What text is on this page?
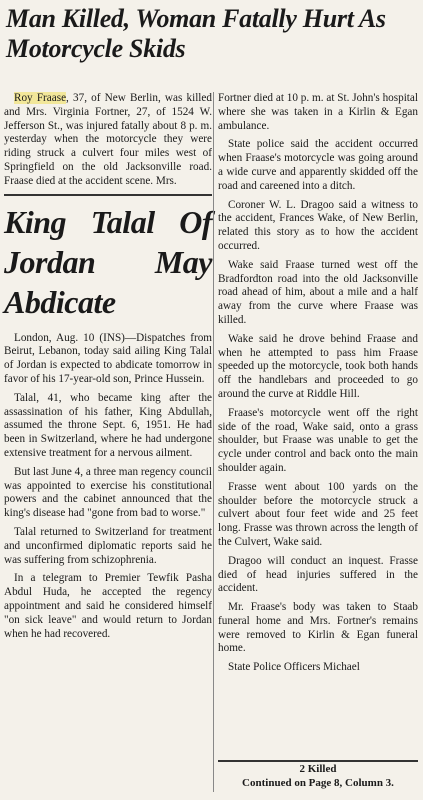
Man Killed, Woman Fatally Hurt As Motorcycle Skids

Roy Fraase, 37, of New Berlin, was killed and Mrs. Virginia Fortner, 27, of 1524 W. Jefferson St., was injured fatally about 8 p. m. yesterday when the motorcycle they were riding struck a culvert four miles west of Springfield on the old Jacksonville road. Fraase died at the accident scene. Mrs.

King Talal Of Jordan May Abdicate

London, Aug. 10 (INS)—Dispatches from Beirut, Lebanon, today said ailing King Talal of Jordan is expected to abdicate tomorrow in favor of his 17-year-old son, Prince Hussein.

Talal, 41, who became king after the assassination of his father, King Abdullah, assumed the throne Sept. 6, 1951. He had been in Switzerland, where he had undergone extensive treatment for a nervous ailment.

But last June 4, a three man regency council was appointed to exercise his constitutional powers and the cabinet announced that the king's disease had "gone from bad to worse."

Talal returned to Switzerland for treatment and unconfirmed diplomatic reports said he was suffering from schizophrenia.

In a telegram to Premier Tewfik Pasha Abdul Huda, he accepted the regency appointment and said he considered himself "on sick leave" and would return to Jordan when he had recovered.

Fortner died at 10 p. m. at St. John's hospital where she was taken in a Kirlin & Egan ambulance.

State police said the accident occurred when Fraase's motorcycle was going around a wide curve and apparently skidded off the road and careened into a ditch.

Coroner W. L. Dragoo said a witness to the accident, Frances Wake, of New Berlin, related this story as to how the accident occurred.

Wake said Fraase turned west off the Bradfordton road into the old Jacksonville road ahead of him, about a mile and a half away from the curve where Fraase was killed.

Wake said he drove behind Fraase and when he attempted to pass him Fraase speeded up the motorcycle, took both hands off the handlebars and proceeded to go around the curve at Riddle Hill.

Fraase's motorcycle went off the right side of the road, Wake said, onto a grass shoulder, but Fraase was unable to get the cycle under control and back onto the main shoulder again.

Frasse went about 100 yards on the shoulder before the motorcycle struck a culvert about four feet wide and 25 feet long. Frasse was thrown across the length of the Culvert, Wake said.

Dragoo will conduct an inquest. Frasse died of head injuries suffered in the accident.

Mr. Fraase's body was taken to Staab funeral home and Mrs. Fortner's remains were removed to Kirlin & Egan funeral home.

State Police Officers Michael

2 Killed
Continued on Page 8, Column 3.
